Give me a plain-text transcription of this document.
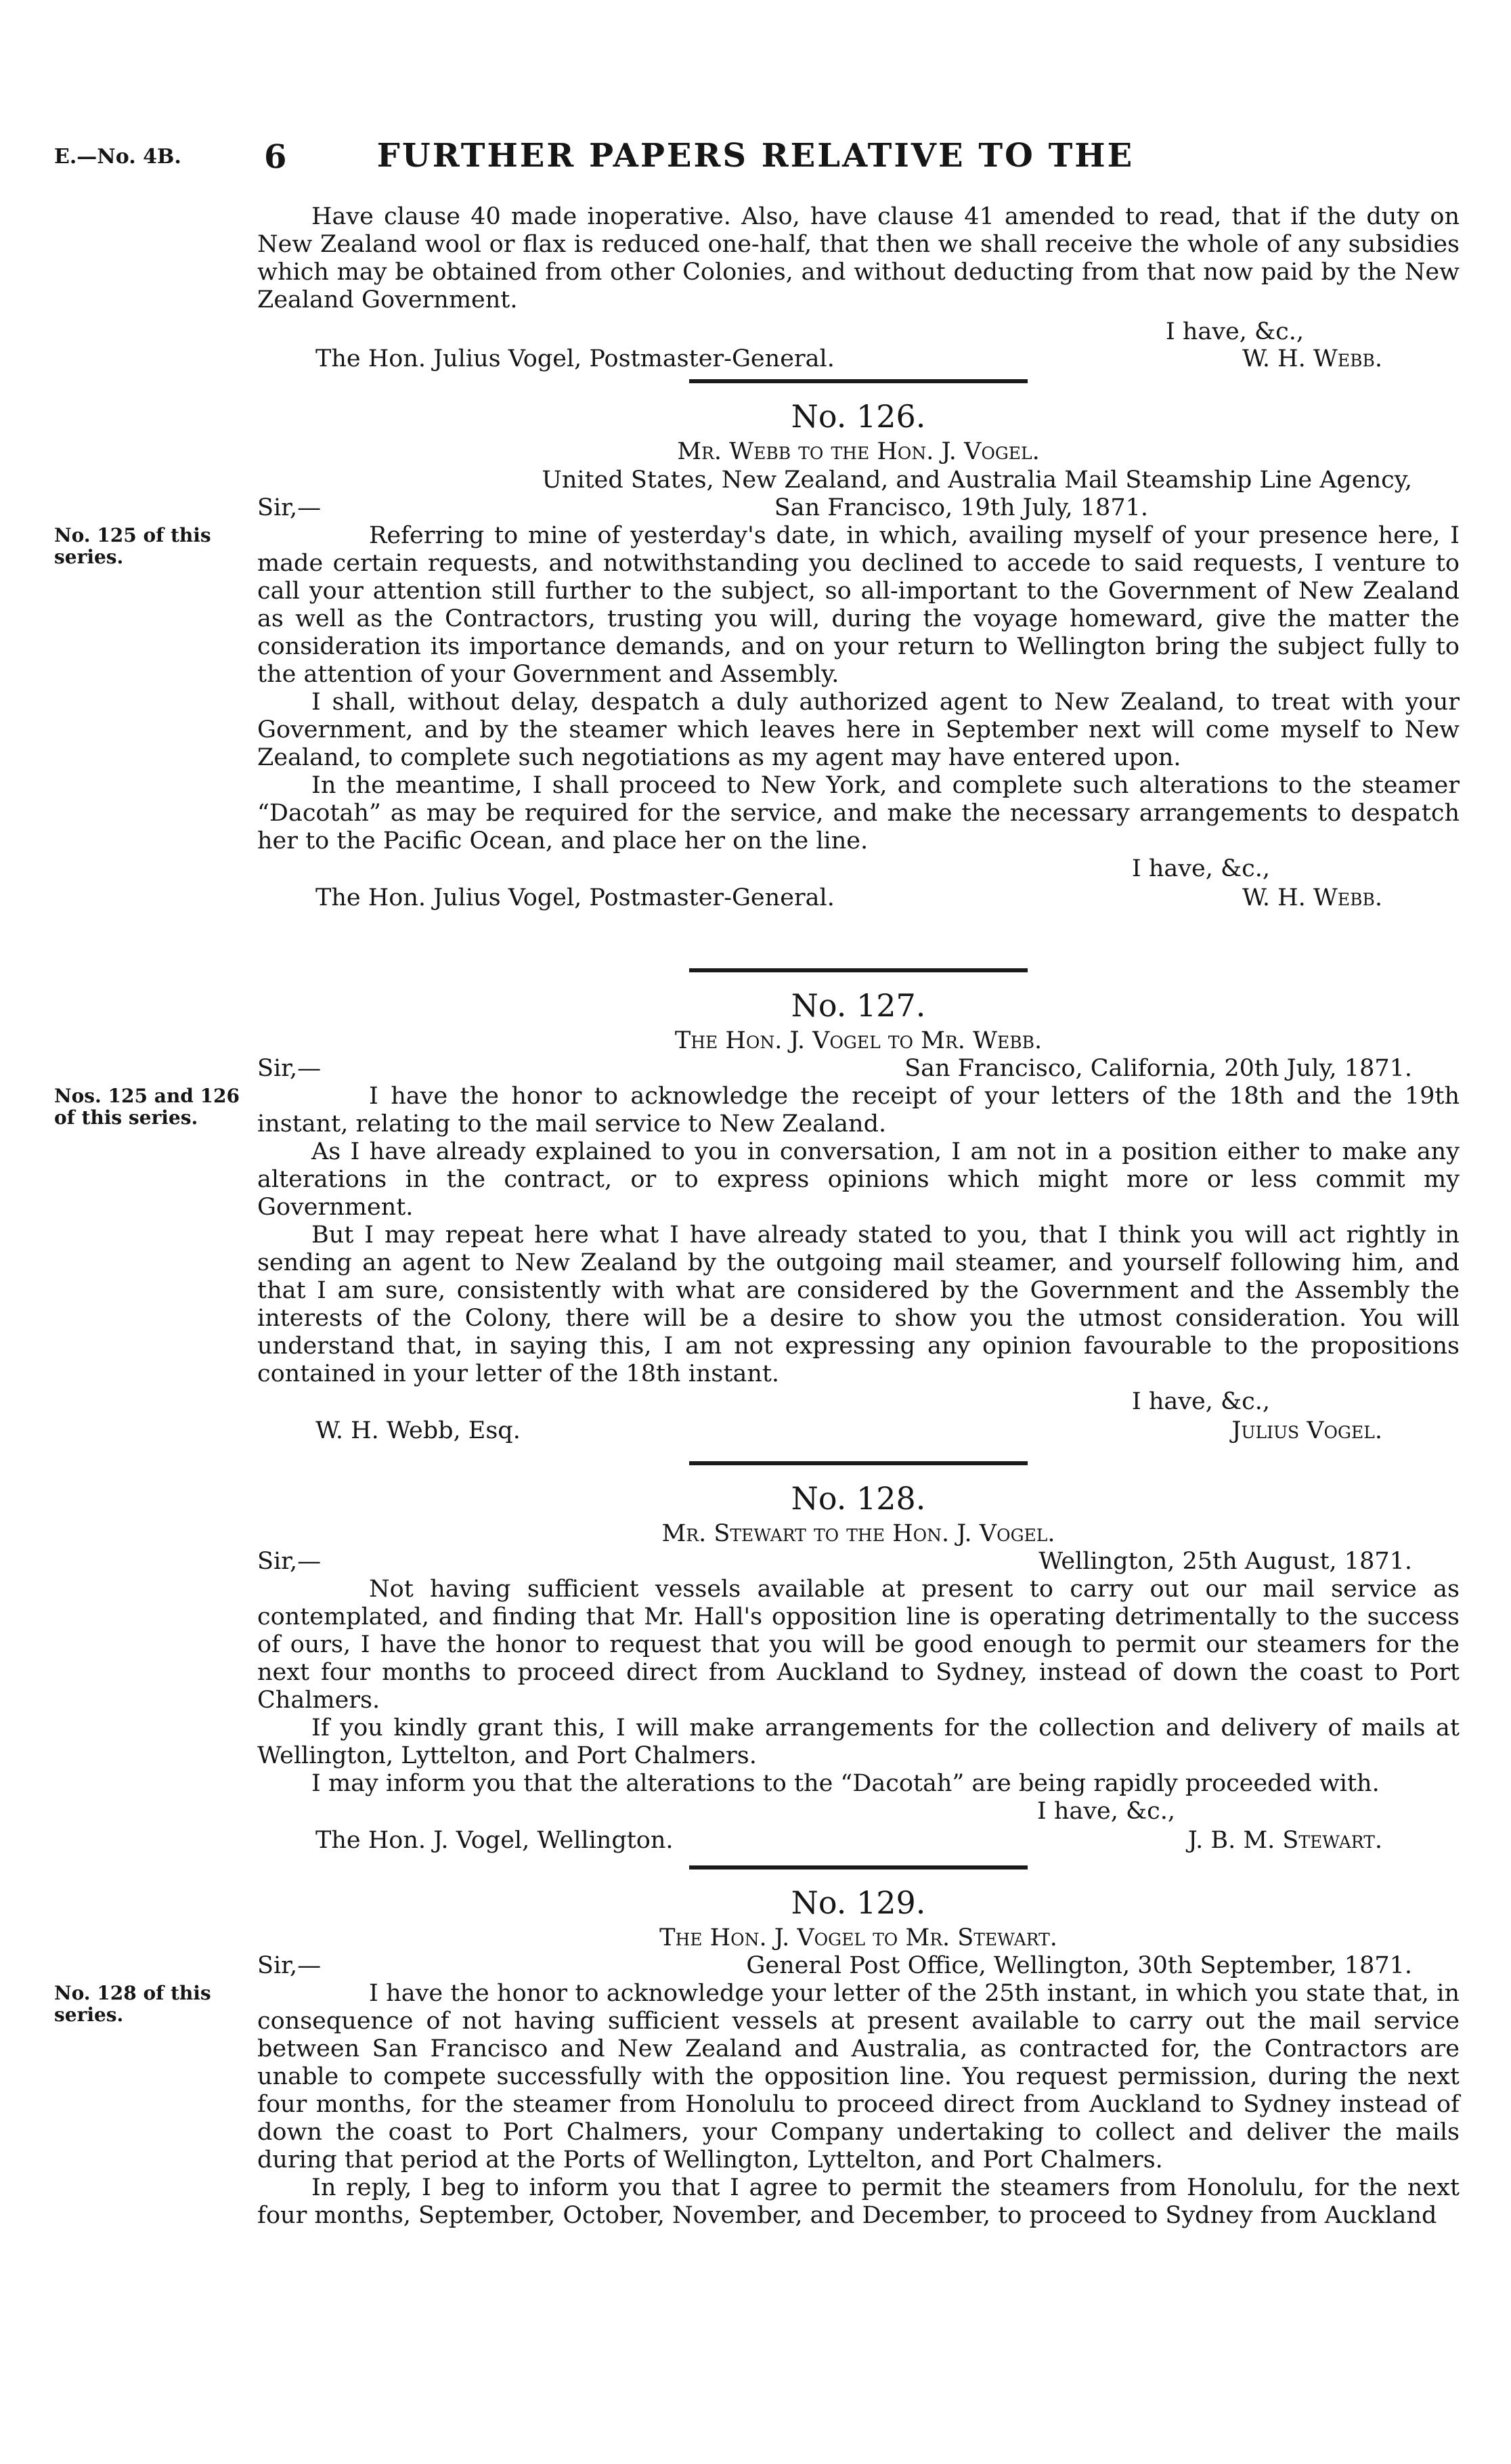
E.—No. 4B.	6	FURTHER PAPERS RELATIVE TO THE
No. 125 of this series.
Nos. 125 and 126 of this series.
No. 128 of this series.

Have clause 40 made inoperative. Also, have clause 41 amended to read, that if the duty on New Zealand wool or flax is reduced one-half, that then we shall receive the whole of any subsidies which may be obtained from other Colonies, and without deducting from that now paid by the New Zealand Government.

I have, &c.,
The Hon. Julius Vogel, Postmaster-General.	W. H. Webb.
No. 126.
Mr. Webb to the Hon. J. Vogel.
United States, New Zealand, and Australia Mail Steamship Line Agency,
Sir,—	San Francisco, 19th July, 1871.

Referring to mine of yesterday's date, in which, availing myself of your presence here, I made certain requests, and notwithstanding you declined to accede to said requests, I venture to call your attention still further to the subject, so all-important to the Government of New Zealand as well as the Contractors, trusting you will, during the voyage homeward, give the matter the consideration its importance demands, and on your return to Wellington bring the subject fully to the attention of your Government and Assembly.

I shall, without delay, despatch a duly authorized agent to New Zealand, to treat with your Government, and by the steamer which leaves here in September next will come myself to New Zealand, to complete such negotiations as my agent may have entered upon.

In the meantime, I shall proceed to New York, and complete such alterations to the steamer “Dacotah” as may be required for the service, and make the necessary arrangements to despatch her to the Pacific Ocean, and place her on the line.

I have, &c.,
The Hon. Julius Vogel, Postmaster-General.	W. H. Webb.
No. 127.
The Hon. J. Vogel to Mr. Webb.
Sir,—	San Francisco, California, 20th July, 1871.

I have the honor to acknowledge the receipt of your letters of the 18th and the 19th instant, relating to the mail service to New Zealand.

As I have already explained to you in conversation, I am not in a position either to make any alterations in the contract, or to express opinions which might more or less commit my Government.

But I may repeat here what I have already stated to you, that I think you will act rightly in sending an agent to New Zealand by the outgoing mail steamer, and yourself following him, and that I am sure, consistently with what are considered by the Government and the Assembly the interests of the Colony, there will be a desire to show you the utmost consideration. You will understand that, in saying this, I am not expressing any opinion favourable to the propositions contained in your letter of the 18th instant.

I have, &c.,
W. H. Webb, Esq.	Julius Vogel.
No. 128.
Mr. Stewart to the Hon. J. Vogel.
Sir,—	Wellington, 25th August, 1871.

Not having sufficient vessels available at present to carry out our mail service as contemplated, and finding that Mr. Hall's opposition line is operating detrimentally to the success of ours, I have the honor to request that you will be good enough to permit our steamers for the next four months to proceed direct from Auckland to Sydney, instead of down the coast to Port Chalmers.

If you kindly grant this, I will make arrangements for the collection and delivery of mails at Wellington, Lyttelton, and Port Chalmers.

I may inform you that the alterations to the “Dacotah” are being rapidly proceeded with.

I have, &c.,
The Hon. J. Vogel, Wellington.	J. B. M. Stewart.
No. 129.
The Hon. J. Vogel to Mr. Stewart.
Sir,—	General Post Office, Wellington, 30th September, 1871.

I have the honor to acknowledge your letter of the 25th instant, in which you state that, in consequence of not having sufficient vessels at present available to carry out the mail service between San Francisco and New Zealand and Australia, as contracted for, the Contractors are unable to compete successfully with the opposition line. You request permission, during the next four months, for the steamer from Honolulu to proceed direct from Auckland to Sydney instead of down the coast to Port Chalmers, your Company undertaking to collect and deliver the mails during that period at the Ports of Wellington, Lyttelton, and Port Chalmers.

In reply, I beg to inform you that I agree to permit the steamers from Honolulu, for the next four months, September, October, November, and December, to proceed to Sydney from Auckland
